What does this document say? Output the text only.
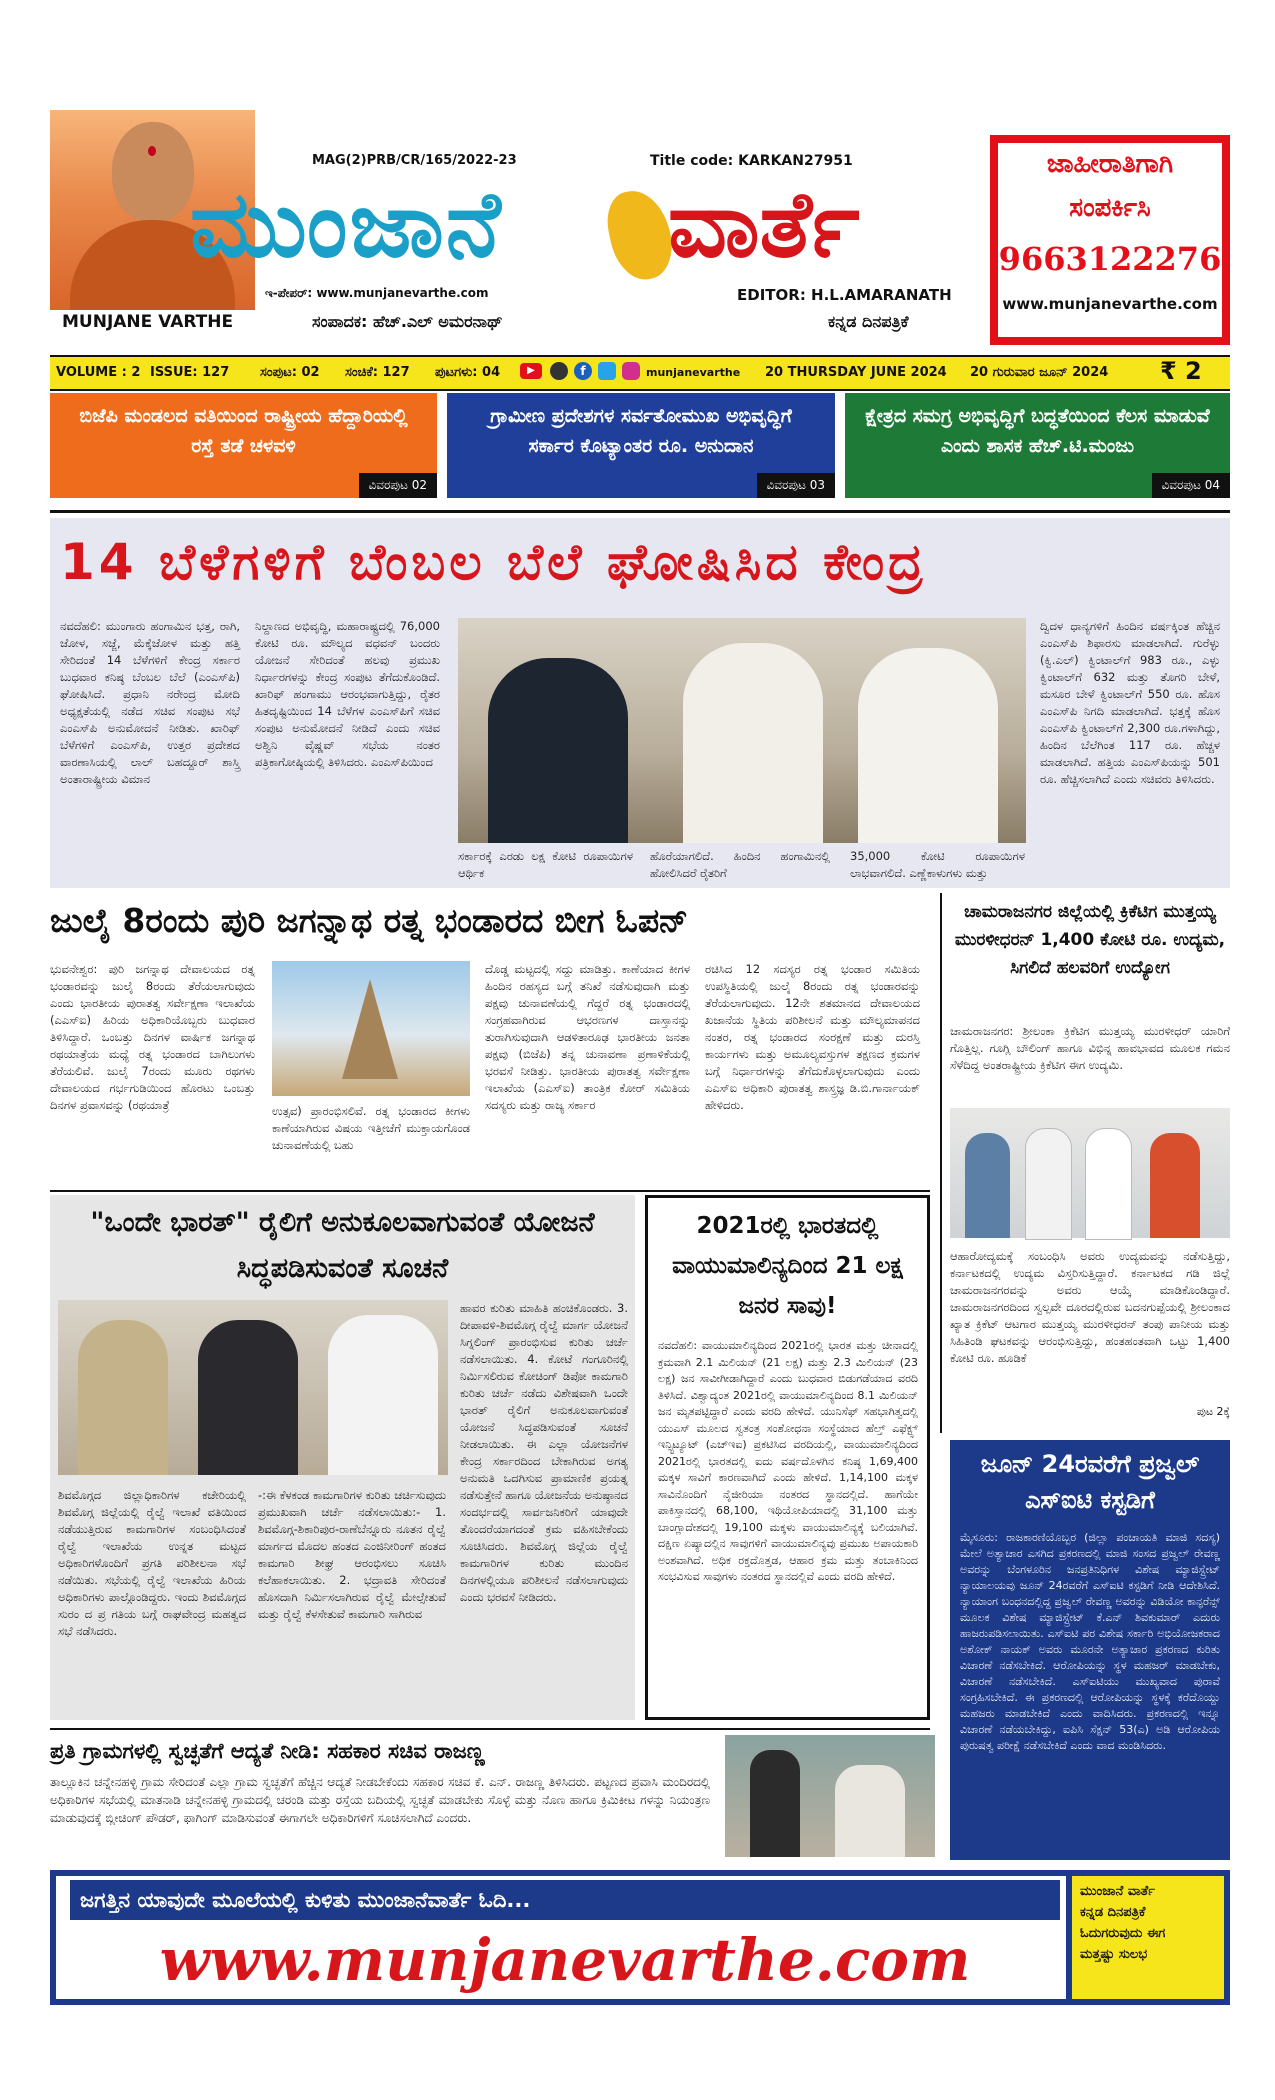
MUNJANE VARTHE
MAG(2)PRB/CR/165/2022-23	Title code: KARKAN27951
ಮುಂಜಾನೆ ವಾರ್ತೆ
ಇ-ಪೇಪರ್: www.munjanevarthe.com	EDITOR: H.L.AMARANATH
ಸಂಪಾದಕ: ಹೆಚ್.ಎಲ್ ಅಮರನಾಥ್	ಕನ್ನಡ ದಿನಪತ್ರಿಕೆ
ಜಾಹೀರಾತಿಗಾಗಿ
ಸಂಪರ್ಕಿಸಿ
9663122276
www.munjanevarthe.com
VOLUME : 2 ISSUE: 127 ಸಂಪುಟ: 02 ಸಂಚಿಕೆ: 127 ಪುಟಗಳು: 04	▶	f	munjanevarthe 20 THURSDAY JUNE 2024 20 ಗುರುವಾರ ಜೂನ್ 2024 ₹ 2
ಬಿಜೆಪಿ ಮಂಡಲದ ವತಿಯಿಂದ ರಾಷ್ಟ್ರೀಯ ಹೆದ್ದಾರಿಯಲ್ಲಿ ರಸ್ತೆ ತಡೆ ಚಳವಳಿ
ವಿವರಪುಟ 02
ಗ್ರಾಮೀಣ ಪ್ರದೇಶಗಳ ಸರ್ವತೋಮುಖ ಅಭಿವೃದ್ಧಿಗೆ ಸರ್ಕಾರ ಕೊಟ್ಯಾಂತರ ರೂ. ಅನುದಾನ
ವಿವರಪುಟ 03
ಕ್ಷೇತ್ರದ ಸಮಗ್ರ ಅಭಿವೃದ್ಧಿಗೆ ಬದ್ಧತೆಯಿಂದ ಕೆಲಸ ಮಾಡುವೆ ಎಂದು ಶಾಸಕ ಹೆಚ್.ಟಿ.ಮಂಜು
ವಿವರಪುಟ 04
14 ಬೆಳೆಗಳಿಗೆ ಬೆಂಬಲ ಬೆಲೆ ಘೋಷಿಸಿದ ಕೇಂದ್ರ
ನವದೆಹಲಿ: ಮುಂಗಾರು ಹಂಗಾಮಿನ ಭತ್ತ, ರಾಗಿ, ಜೋಳ, ಸಜ್ಜೆ, ಮೆಕ್ಕೆಜೋಳ ಮತ್ತು ಹತ್ತಿ ಸೇರಿದಂತೆ 14 ಬೆಳೆಗಳಿಗೆ ಕೇಂದ್ರ ಸರ್ಕಾರ ಬುಧವಾರ ಕನಿಷ್ಠ ಬೆಂಬಲ ಬೆಲೆ (ಎಂಎಸ್‌ಪಿ) ಘೋಷಿಸಿದೆ. ಪ್ರಧಾನಿ ನರೇಂದ್ರ ಮೋದಿ ಅಧ್ಯಕ್ಷತೆಯಲ್ಲಿ ನಡೆದ ಸಚಿವ ಸಂಪುಟ ಸಭೆ ಎಂಎಸ್‌ಪಿ ಅನುಮೋದನೆ ನೀಡಿತು. ಖಾರಿಫ್ ಬೆಳೆಗಳಿಗೆ ಎಂಎಸ್‌ಪಿ, ಉತ್ತರ ಪ್ರದೇಶದ ವಾರಣಾಸಿಯಲ್ಲಿ ಲಾಲ್ ಬಹದ್ದೂರ್ ಶಾಸ್ತ್ರಿ ಅಂತಾರಾಷ್ಟ್ರೀಯ ವಿಮಾನ
ನಿಲ್ದಾಣದ ಅಭಿವೃದ್ಧಿ, ಮಹಾರಾಷ್ಟ್ರದಲ್ಲಿ 76,000 ಕೋಟಿ ರೂ. ಮೌಲ್ಯದ ವಧವನ್ ಬಂದರು ಯೋಜನೆ ಸೇರಿದಂತೆ ಹಲವು ಪ್ರಮುಖ ನಿರ್ಧಾರಗಳನ್ನು ಕೇಂದ್ರ ಸಂಪುಟ ತೆಗೆದುಕೊಂಡಿದೆ. ಖಾರಿಫ್ ಹಂಗಾಮು ಆರಂಭವಾಗುತ್ತಿದ್ದು, ರೈತರ ಹಿತದೃಷ್ಟಿಯಿಂದ 14 ಬೆಳೆಗಳ ಎಂಎಸ್‌ಪಿಗೆ ಸಚಿವ ಸಂಪುಟ ಅನುಮೋದನೆ ನೀಡಿದೆ ಎಂದು ಸಚಿವ ಅಶ್ವಿನಿ ವೈಷ್ಣವ್ ಸಭೆಯ ನಂತರ ಪತ್ರಿಕಾಗೋಷ್ಠಿಯಲ್ಲಿ ತಿಳಿಸಿದರು. ಎಂಎಸ್‌ಪಿಯಿಂದ
ಸರ್ಕಾರಕ್ಕೆ ಎರಡು ಲಕ್ಷ ಕೋಟಿ ರೂಪಾಯಿಗಳ ಆರ್ಥಿಕ
ಹೊರೆಯಾಗಲಿದೆ. ಹಿಂದಿನ ಹಂಗಾಮಿನಲ್ಲಿ ಹೋಲಿಸಿದರೆ ರೈತರಿಗೆ
35,000 ಕೋಟಿ ರೂಪಾಯಿಗಳ ಲಾಭವಾಗಲಿದೆ. ಎಣ್ಣೆಕಾಳುಗಳು ಮತ್ತು
ದ್ವಿದಳ ಧಾನ್ಯಗಳಿಗೆ ಹಿಂದಿನ ವರ್ಷಕ್ಕಿಂತ ಹೆಚ್ಚಿನ ಎಂಎಸ್‌ಪಿ ಶಿಫಾರಸು ಮಾಡಲಾಗಿದೆ. ಗುರೆಳ್ಳು (ಕ್ವಿ.ಎಲ್) ಕ್ವಿಂಟಾಲ್‌ಗೆ 983 ರೂ., ಎಳ್ಳು ಕ್ವಿಂಟಾಲ್‌ಗೆ 632 ಮತ್ತು ತೊಗರಿ ಬೇಳೆ, ಮಸೂರ ಬೇಳೆ ಕ್ವಿಂಟಾಲ್‌ಗೆ 550 ರೂ. ಹೊಸ ಎಂಎಸ್‌ಪಿ ನಿಗದಿ ಮಾಡಲಾಗಿದೆ. ಭತ್ತಕ್ಕೆ ಹೊಸ ಎಂಎಸ್‌ಪಿ ಕ್ವಿಂಟಾಲ್‌ಗೆ 2,300 ರೂ.ಗಳಾಗಿದ್ದು, ಹಿಂದಿನ ಬೆಲೆಗಿಂತ 117 ರೂ. ಹೆಚ್ಚಳ ಮಾಡಲಾಗಿದೆ. ಹತ್ತಿಯ ಎಂಎಸ್‌ಪಿಯನ್ನು 501 ರೂ. ಹೆಚ್ಚಿಸಲಾಗಿದೆ ಎಂದು ಸಚಿವರು ತಿಳಿಸಿದರು.
ಜುಲೈ 8ರಂದು ಪುರಿ ಜಗನ್ನಾಥ ರತ್ನ ಭಂಡಾರದ ಬೀಗ ಓಪನ್
ಭುವನೇಶ್ವರ: ಪುರಿ ಜಗನ್ನಾಥ ದೇವಾಲಯದ ರತ್ನ ಭಂಡಾರವನ್ನು ಜುಲೈ 8ರಂದು ತೆರೆಯಲಾಗುವುದು ಎಂದು ಭಾರತೀಯ ಪುರಾತತ್ವ ಸರ್ವೇಕ್ಷಣಾ ಇಲಾಖೆಯ (ಎಎಸ್‌ಐ) ಹಿರಿಯ ಅಧಿಕಾರಿಯೊಬ್ಬರು ಬುಧವಾರ ತಿಳಿಸಿದ್ದಾರೆ. ಒಂಬತ್ತು ದಿನಗಳ ವಾರ್ಷಿಕ ಜಗನ್ನಾಥ ರಥಯಾತ್ರೆಯ ಮಧ್ಯೆ ರತ್ನ ಭಂಡಾರದ ಬಾಗಿಲುಗಳು ತೆರೆಯಲಿವೆ. ಜುಲೈ 7ರಂದು ಮೂರು ರಥಗಳು ದೇವಾಲಯದ ಗರ್ಭಗುಡಿಯಿಂದ ಹೊರಟು ಒಂಬತ್ತು ದಿನಗಳ ಪ್ರವಾಸವನ್ನು (ರಥಯಾತ್ರೆ	ಉತ್ಸವ) ಪ್ರಾರಂಭಿಸಲಿವೆ. ರತ್ನ ಭಂಡಾರದ ಕೀಗಳು ಕಾಣೆಯಾಗಿರುವ ವಿಷಯ ಇತ್ತೀಚೆಗೆ ಮುಕ್ತಾಯಗೊಂಡ ಚುನಾವಣೆಯಲ್ಲಿ ಬಹು
ದೊಡ್ಡ ಮಟ್ಟದಲ್ಲಿ ಸದ್ದು ಮಾಡಿತ್ತು. ಕಾಣೆಯಾದ ಕೀಗಳ ಹಿಂದಿನ ರಹಸ್ಯದ ಬಗ್ಗೆ ತನಿಖೆ ನಡೆಸುವುದಾಗಿ ಮತ್ತು ಪಕ್ಷವು ಚುನಾವಣೆಯಲ್ಲಿ ಗೆದ್ದರೆ ರತ್ನ ಭಂಡಾರದಲ್ಲಿ ಸಂಗ್ರಹವಾಗಿರುವ ಆಭರಣಗಳ ದಾಸ್ತಾನನ್ನು ತುರಾಗಿಸುವುದಾಗಿ ಆಡಳಿತಾರೂಢ ಭಾರತೀಯ ಜನತಾ ಪಕ್ಷವು (ಬಿಜೆಪಿ) ತನ್ನ ಚುನಾವಣಾ ಪ್ರಣಾಳಿಕೆಯಲ್ಲಿ ಭರವಸೆ ನೀಡಿತ್ತು. ಭಾರತೀಯ ಪುರಾತತ್ವ ಸರ್ವೇಕ್ಷಣಾ ಇಲಾಖೆಯ (ಎಎಸ್‌ಐ) ತಾಂತ್ರಿಕ ಕೋರ್ ಸಮಿತಿಯ ಸದಸ್ಯರು ಮತ್ತು ರಾಜ್ಯ ಸರ್ಕಾರ
ರಚಿಸಿದ 12 ಸದಸ್ಯರ ರತ್ನ ಭಂಡಾರ ಸಮಿತಿಯ ಉಪಸ್ಥಿತಿಯಲ್ಲಿ ಜುಲೈ 8ರಂದು ರತ್ನ ಭಂಡಾರವನ್ನು ತೆರೆಯಲಾಗುವುದು. 12ನೇ ಶತಮಾನದ ದೇವಾಲಯದ ಖಜಾನೆಯ ಸ್ಥಿತಿಯ ಪರಿಶೀಲನೆ ಮತ್ತು ಮೌಲ್ಯಮಾಪನದ ನಂತರ, ರತ್ನ ಭಂಡಾರದ ಸಂರಕ್ಷಣೆ ಮತ್ತು ದುರಸ್ತಿ ಕಾರ್ಯಗಳು ಮತ್ತು ಅಮೂಲ್ಯವಸ್ತುಗಳ ತಕ್ಷಣದ ಕ್ರಮಗಳ ಬಗ್ಗೆ ನಿರ್ಧಾರಗಳನ್ನು ತೆಗೆದುಕೊಳ್ಳಲಾಗುವುದು ಎಂದು ಎಎಸ್‌ಐ ಅಧಿಕಾರಿ ಪುರಾತತ್ವ ಶಾಸ್ತ್ರಜ್ಞ ಡಿ.ಬಿ.ಗಾರ್ನಾಯಕ್ ಹೇಳಿದರು.
ಚಾಮರಾಜನಗರ ಜಿಲ್ಲೆಯಲ್ಲಿ ಕ್ರಿಕೆಟಿಗ ಮುತ್ತಯ್ಯ ಮುರಳೀಧರನ್ 1,400 ಕೋಟಿ ರೂ. ಉದ್ಯಮ, ಸಿಗಲಿದೆ ಹಲವರಿಗೆ ಉದ್ಯೋಗ
ಚಾಮರಾಜನಗರ: ಶ್ರೀಲಂಕಾ ಕ್ರಿಕೆಟಿಗ ಮುತ್ತಯ್ಯ ಮುರಳೀಧರ್ ಯಾರಿಗೆ ಗೊತ್ತಿಲ್ಲ. ಗೂಗ್ಲಿ ಬೌಲಿಂಗ್ ಹಾಗೂ ವಿಭಿನ್ನ ಹಾವಭಾವದ ಮೂಲಕ ಗಮನ ಸೆಳೆದಿದ್ದ ಅಂತರಾಷ್ಟ್ರೀಯ ಕ್ರಿಕೆಟಿಗ ಈಗ ಉದ್ಯಮಿ.
ಆಹಾರೋದ್ಯಮಕ್ಕೆ ಸಂಬಂಧಿಸಿ ಅವರು ಉದ್ಯಮವನ್ನು ನಡೆಸುತ್ತಿದ್ದು, ಕರ್ನಾಟಕದಲ್ಲಿ ಉದ್ಯಮ ವಿಸ್ತರಿಸುತ್ತಿದ್ದಾರೆ. ಕರ್ನಾಟಕದ ಗಡಿ ಜಿಲ್ಲೆ ಚಾಮರಾಜನಗರವನ್ನು ಅವರು ಆಯ್ಕೆ ಮಾಡಿಕೊಂಡಿದ್ದಾರೆ. ಚಾಮರಾಜನಗರದಿಂದ ಸ್ವಲ್ಪವೇ ದೂರದಲ್ಲಿರುವ ಬದನಗುಪ್ಪೆಯಲ್ಲಿ ಶ್ರೀಲಂಕಾದ ಖ್ಯಾತ ಕ್ರಿಕೆಟ್ ಆಟಗಾರ ಮುತ್ತಯ್ಯ ಮುರಳೀಧರನ್ ತಂಪು ಪಾನೀಯ ಮತ್ತು ಸಿಹಿತಿಂಡಿ ಘಟಕವನ್ನು ಆರಂಭಿಸುತ್ತಿದ್ದು, ಹಂತಹಂತವಾಗಿ ಒಟ್ಟು 1,400 ಕೋಟಿ ರೂ. ಹೂಡಿಕೆ
ಪುಟ 2ಕ್ಕೆ
"ಒಂದೇ ಭಾರತ್" ರೈಲಿಗೆ ಅನುಕೂಲವಾಗುವಂತೆ ಯೋಜನೆ ಸಿದ್ಧಪಡಿಸುವಂತೆ ಸೂಚನೆ
ಹಾವರ ಕುರಿತು ಮಾಹಿತಿ ಹಂಚಿಕೊಂಡರು. 3. ದೀಪಾವಳಿ-ಶಿವಮೊಗ್ಗ ರೈಲ್ವೆ ಮಾರ್ಗ ಯೋಜನೆ ಸಿಗ್ನಲಿಂಗ್ ಪ್ರಾರಂಭಿಸುವ ಕುರಿತು ಚರ್ಚೆ ನಡೆಸಲಾಯಿತು. 4. ಕೋಟೆ ಗಂಗೂರಿನಲ್ಲಿ ನಿರ್ಮಿಸಲಿರುವ ಕೋಚಿಂಗ್ ಡಿಪೋ ಕಾಮಗಾರಿ ಕುರಿತು ಚರ್ಚೆ ನಡೆದು ವಿಶೇಷವಾಗಿ ಒಂದೇ ಭಾರತ್ ರೈಲಿಗೆ ಅನುಕೂಲವಾಗುವಂತೆ ಯೋಜನೆ ಸಿದ್ಧಪಡಿಸುವಂತೆ ಸೂಚನೆ ನೀಡಲಾಯಿತು. ಈ ಎಲ್ಲಾ ಯೋಜನೆಗಳ ಕೇಂದ್ರ ಸರ್ಕಾರದಿಂದ ಬೇಕಾಗಿರುವ ಅಗತ್ಯ ಅನುಮತಿ ಒದಗಿಸುವ ಪ್ರಾಮಾಣಿಕ ಪ್ರಯತ್ನ ನಡೆಸುತ್ತೇನೆ ಹಾಗೂ ಯೋಜನೆಯ ಅನುಷ್ಠಾನದ ಸಂದರ್ಭದಲ್ಲಿ ಸಾರ್ವಜನಿಕರಿಗೆ ಯಾವುದೇ ತೊಂದರೆಯಾಗದಂತೆ ಕ್ರಮ ವಹಿಸಬೇಕೆಂದು ಸೂಚಿಸಿದರು. ಶಿವಮೊಗ್ಗ ಜಿಲ್ಲೆಯ ರೈಲ್ವೆ ಕಾಮಗಾರಿಗಳ ಕುರಿತು ಮುಂದಿನ ದಿನಗಳಲ್ಲಿಯೂ ಪರಿಶೀಲನೆ ನಡೆಸಲಾಗುವುದು ಎಂದು ಭರವಸೆ ನೀಡಿದರು.
ಶಿವಮೊಗ್ಗದ ಜಿಲ್ಲಾಧಿಕಾರಿಗಳ ಕಚೇರಿಯಲ್ಲಿ ಶಿವಮೊಗ್ಗ ಜಿಲ್ಲೆಯಲ್ಲಿ ರೈಲ್ವೆ ಇಲಾಖೆ ವತಿಯಿಂದ ನಡೆಯುತ್ತಿರುವ ಕಾಮಗಾರಿಗಳ ಸಂಬಂಧಿಸಿದಂತೆ ರೈಲ್ವೆ ಇಲಾಖೆಯ ಉನ್ನತ ಮಟ್ಟದ ಅಧಿಕಾರಿಗಳೊಂದಿಗೆ ಪ್ರಗತಿ ಪರಿಶೀಲನಾ ಸಭೆ ನಡೆಯಿತು. ಸಭೆಯಲ್ಲಿ ರೈಲ್ವೆ ಇಲಾಖೆಯ ಹಿರಿಯ ಅಧಿಕಾರಿಗಳು ಪಾಲ್ಗೊಂಡಿದ್ದರು. ಇಂದು ಶಿವಮೊಗ್ಗದ ಸುರಂ ದ ಪ್ರ ಗತಿಯ ಬಗ್ಗೆ ರಾಘವೇಂದ್ರ ಮಹತ್ವದ ಸಭೆ ನಡೆಸಿದರು.
-:ಈ ಕೆಳಕಂಡ ಕಾಮಗಾರಿಗಳ ಕುರಿತು ಚರ್ಚಿಸುವುದು ಪ್ರಮುಖವಾಗಿ ಚರ್ಚೆ ನಡೆಸಲಾಯಿತು:- 1. ಶಿವಮೊಗ್ಗ-ಶಿಕಾರಿಪುರ-ರಾಣೆಬೆನ್ನೂರು ನೂತನ ರೈಲ್ವೆ ಮಾರ್ಗದ ಮೊದಲ ಹಂತದ ಎಂಜಿನೀರಿಂಗ್ ಹಂತದ ಕಾಮಗಾರಿ ಶೀಘ್ರ ಆರಂಭಿಸಲು ಸೂಚಿಸಿ ಕಲೆಹಾಕಲಾಯಿತು. 2. ಭದ್ರಾವತಿ ಸೇರಿದಂತೆ ಹೊಸದಾಗಿ ನಿರ್ಮಿಸಲಾಗಿರುವ ರೈಲ್ವೆ ಮೇಲ್ಸೇತುವೆ ಮತ್ತು ರೈಲ್ವೆ ಕೆಳಸೇತುವೆ ಕಾಮಗಾರಿ ಸಾಗಿರುವ
2021ರಲ್ಲಿ ಭಾರತದಲ್ಲಿ ವಾಯುಮಾಲಿನ್ಯದಿಂದ 21 ಲಕ್ಷ ಜನರ ಸಾವು!
ನವದೆಹಲಿ: ವಾಯುಮಾಲಿನ್ಯದಿಂದ 2021ರಲ್ಲಿ ಭಾರತ ಮತ್ತು ಚೀನಾದಲ್ಲಿ ಕ್ರಮವಾಗಿ 2.1 ಮಿಲಿಯನ್ (21 ಲಕ್ಷ) ಮತ್ತು 2.3 ಮಿಲಿಯನ್ (23 ಲಕ್ಷ) ಜನ ಸಾವೀಗೀಡಾಗಿದ್ದಾರೆ ಎಂದು ಬುಧವಾರ ಬಿಡುಗಡೆಯಾದ ವರದಿ ತಿಳಿಸಿದೆ. ವಿಶ್ವಾದ್ಯಂತ 2021ರಲ್ಲಿ ವಾಯುಮಾಲಿನ್ಯದಿಂದ 8.1 ಮಿಲಿಯನ್ ಜನ ಮೃತಪಟ್ಟಿದ್ದಾರೆ ಎಂದು ವರದಿ ಹೇಳಿದೆ. ಯುನಿಸೆಫ್ ಸಹಭಾಗಿತ್ವದಲ್ಲಿ ಯುಎಸ್ ಮೂಲದ ಸ್ವತಂತ್ರ ಸಂಶೋಧನಾ ಸಂಸ್ಥೆಯಾದ ಹೆಲ್ತ್ ಎಫೆಕ್ಟ್ಸ್ ಇನ್ಸ್ಟಿಟ್ಯೂಟ್ (ಎಚ್‌ಇಐ) ಪ್ರಕಟಿಸಿದ ವರದಿಯಲ್ಲಿ, ವಾಯುಮಾಲಿನ್ಯದಿಂದ 2021ರಲ್ಲಿ ಭಾರತದಲ್ಲಿ ಐದು ವರ್ಷದೊಳಗಿನ ಕನಿಷ್ಠ 1,69,400 ಮಕ್ಕಳ ಸಾವಿಗೆ ಕಾರಣವಾಗಿದೆ ಎಂದು ಹೇಳಿದೆ. 1,14,100 ಮಕ್ಕಳ ಸಾವಿನೊಂದಿಗೆ ನೈಜೀರಿಯಾ ನಂತರದ ಸ್ಥಾನದಲ್ಲಿದೆ. ಹಾಗೆಯೇ ಪಾಕಿಸ್ತಾನದಲ್ಲಿ 68,100, ಇಥಿಯೋಪಿಯಾದಲ್ಲಿ 31,100 ಮತ್ತು ಬಾಂಗ್ಲಾದೇಶದಲ್ಲಿ 19,100 ಮಕ್ಕಳು ವಾಯುಮಾಲಿನ್ಯಕ್ಕೆ ಬಲಿಯಾಗಿವೆ. ದಕ್ಷಿಣ ಏಷ್ಯಾದಲ್ಲಿನ ಸಾವುಗಳಿಗೆ ವಾಯುಮಾಲಿನ್ಯವು ಪ್ರಮುಖ ಅಪಾಯಕಾರಿ ಅಂಶವಾಗಿದೆ. ಅಧಿಕ ರಕ್ತದೊತ್ತಡ, ಆಹಾರ ಕ್ರಮ ಮತ್ತು ತಂಬಾಕಿನಿಂದ ಸಂಭವಿಸುವ ಸಾವುಗಳು ನಂತರದ ಸ್ಥಾನದಲ್ಲಿವೆ ಎಂದು ವರದಿ ಹೇಳಿದೆ.
ಜೂನ್ 24ರವರೆಗೆ ಪ್ರಜ್ವಲ್ ಎಸ್‌ಐಟಿ ಕಸ್ಟಡಿಗೆ
ಮೈಸೂರು: ರಾಜಕಾರಣಿಯೊಬ್ಬರ (ಜಿಲ್ಲಾ ಪಂಚಾಯತಿ ಮಾಜಿ ಸದಸ್ಯ) ಮೇಲೆ ಅತ್ಯಾಚಾರ ಎಸಗಿದ ಪ್ರಕರಣದಲ್ಲಿ ಮಾಜಿ ಸಂಸದ ಪ್ರಜ್ವಲ್ ರೇವಣ್ಣ ಅವರನ್ನು ಬೆಂಗಳೂರಿನ ಜನಪ್ರತಿನಿಧಿಗಳ ವಿಶೇಷ ಮ್ಯಾಜಿಸ್ಟ್ರೇಟ್ ನ್ಯಾಯಾಲಯವು ಜೂನ್ 24ರವರೆಗೆ ಎಸ್‌ಐಟಿ ಕಸ್ಟಡಿಗೆ ನೀಡಿ ಆದೇಶಿಸಿದೆ. ನ್ಯಾಯಾಂಗ ಬಂಧನದಲ್ಲಿದ್ದ ಪ್ರಜ್ವಲ್ ರೇವಣ್ಣ ಅವರನ್ನು ವಿಡಿಯೋ ಕಾನ್ಫರೆನ್ಸ್ ಮೂಲಕ ವಿಶೇಷ ಮ್ಯಾಜಿಸ್ಟ್ರೇಟ್ ಕೆ.ಎನ್ ಶಿವಕುಮಾರ್ ಎದುರು ಹಾಜರುಪಡಿಸಲಾಯಿತು. ಎಸ್‌ಐಟಿ ಪರ ವಿಶೇಷ ಸರ್ಕಾರಿ ಅಭಿಯೋಜಕರಾದ ಅಶೋಕ್ ನಾಯಕ್ ಅವರು ಮೂರನೇ ಅತ್ಯಾಚಾರ ಪ್ರಕರಣದ ಕುರಿತು ವಿಚಾರಣೆ ನಡೆಸಬೇಕಿದೆ. ಆರೋಪಿಯನ್ನು ಸ್ಥಳ ಮಹಜರ್ ಮಾಡಬೇಕು, ವಿಚಾರಣೆ ನಡೆಸಬೇಕಿದೆ. ಎಸ್‌ಐಟಿಯು ಮುಖ್ಯವಾದ ಪುರಾವೆ ಸಂಗ್ರಹಿಸಬೇಕಿದೆ. ಈ ಪ್ರಕರಣದಲ್ಲಿ ಆರೋಪಿಯನ್ನು ಸ್ಥಳಕ್ಕೆ ಕರೆದೊಯ್ದು ಮಹಜರು ಮಾಡಬೇಕಿದೆ ಎಂದು ವಾದಿಸಿದರು. ಪ್ರಕರಣದಲ್ಲಿ ಇನ್ನೂ ವಿಚಾರಣೆ ನಡೆಯಬೇಕಿದ್ದು, ಐಪಿಸಿ ಸೆಕ್ಷನ್ 53(ಎ) ಅಡಿ ಆರೋಪಿಯ ಪುರುಷತ್ವ ಪರೀಕ್ಷೆ ನಡೆಸಬೇಕಿದೆ ಎಂದು ವಾದ ಮಂಡಿಸಿದರು.
ಪ್ರತಿ ಗ್ರಾಮಗಳಲ್ಲಿ ಸ್ವಚ್ಛತೆಗೆ ಆದ್ಯತೆ ನೀಡಿ: ಸಹಕಾರ ಸಚಿವ ರಾಜಣ್ಣ
ತಾಲ್ಲೂಕಿನ ಚನ್ನೇನಹಳ್ಳಿ ಗ್ರಾಮ ಸೇರಿದಂತೆ ಎಲ್ಲಾ ಗ್ರಾಮ ಸ್ವಚ್ಛತೆಗೆ ಹೆಚ್ಚಿನ ಆದ್ಯತೆ ನೀಡಬೇಕೆಂದು ಸಹಕಾರ ಸಚಿವ ಕೆ. ಎನ್. ರಾಜಣ್ಣ ತಿಳಿಸಿದರು. ಪಟ್ಟಣದ ಪ್ರವಾಸಿ ಮಂದಿರದಲ್ಲಿ ಅಧಿಕಾರಿಗಳ ಸಭೆಯಲ್ಲಿ ಮಾತನಾಡಿ ಚನ್ನೇನಹಳ್ಳಿ ಗ್ರಾಮದಲ್ಲಿ ಚರಂಡಿ ಮತ್ತು ರಸ್ತೆಯ ಬದಿಯಲ್ಲಿ ಸ್ವಚ್ಛತೆ ಮಾಡಬೇಕು ಸೊಳ್ಳೆ ಮತ್ತು ನೊಣ ಹಾಗೂ ಕ್ರಿಮಿಕೀಟ ಗಳನ್ನು ನಿಯಂತ್ರಣ ಮಾಡುವುದಕ್ಕೆ ಬ್ಲೀಚಿಂಗ್ ಪೌಡರ್, ಫಾಗಿಂಗ್ ಮಾಡಿಸುವಂತೆ ಈಗಾಗಲೇ ಅಧಿಕಾರಿಗಳಿಗೆ ಸೂಚಿಸಲಾಗಿದೆ ಎಂದರು.
ಜಗತ್ತಿನ ಯಾವುದೇ ಮೂಲೆಯಲ್ಲಿ ಕುಳಿತು ಮುಂಜಾನೆವಾರ್ತೆ ಓದಿ...
www.munjanevarthe.com
ಮುಂಜಾನೆ ವಾರ್ತೆ
ಕನ್ನಡ ದಿನಪತ್ರಿಕೆ
ಓದುಗರುವುದು ಈಗ
ಮತ್ತಷ್ಟು ಸುಲಭ
